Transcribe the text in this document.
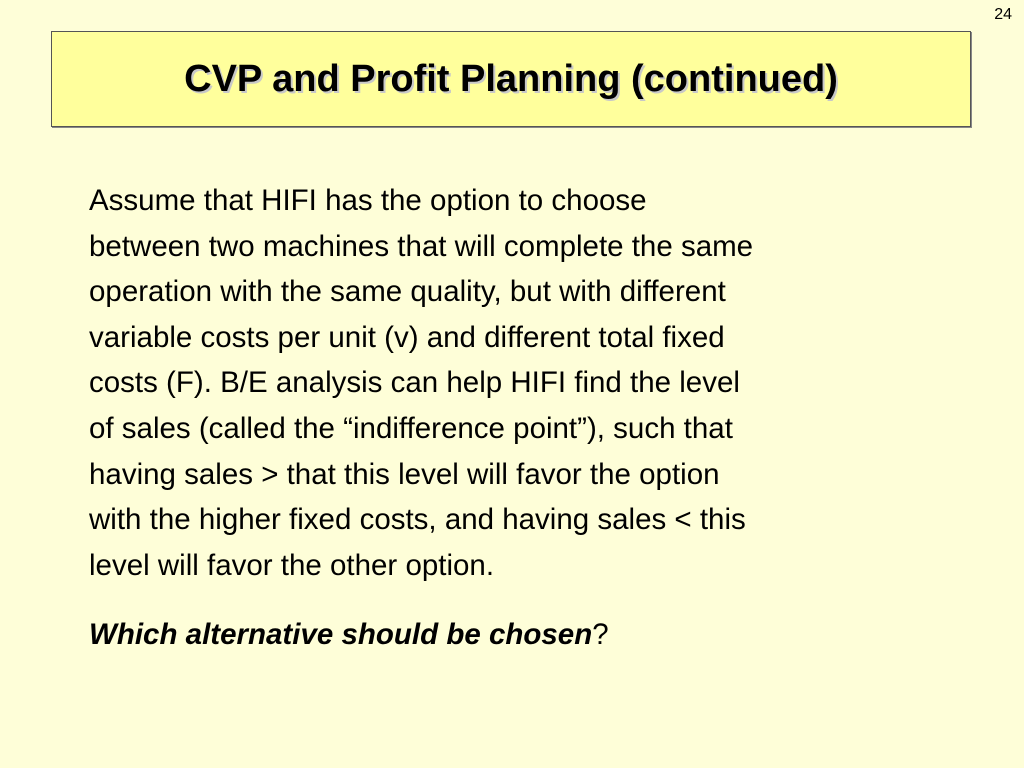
24
CVP and Profit Planning (continued)

Assume that HIFI has the option to choose

between two machines that will complete the same

operation with the same quality, but with different

variable costs per unit (v) and different total fixed

costs (F). B/E analysis can help HIFI find the level

of sales (called the “indifference point”), such that

having sales > that this level will favor the option

with the higher fixed costs, and having sales < this

level will favor the other option.

Which alternative should be chosen?
